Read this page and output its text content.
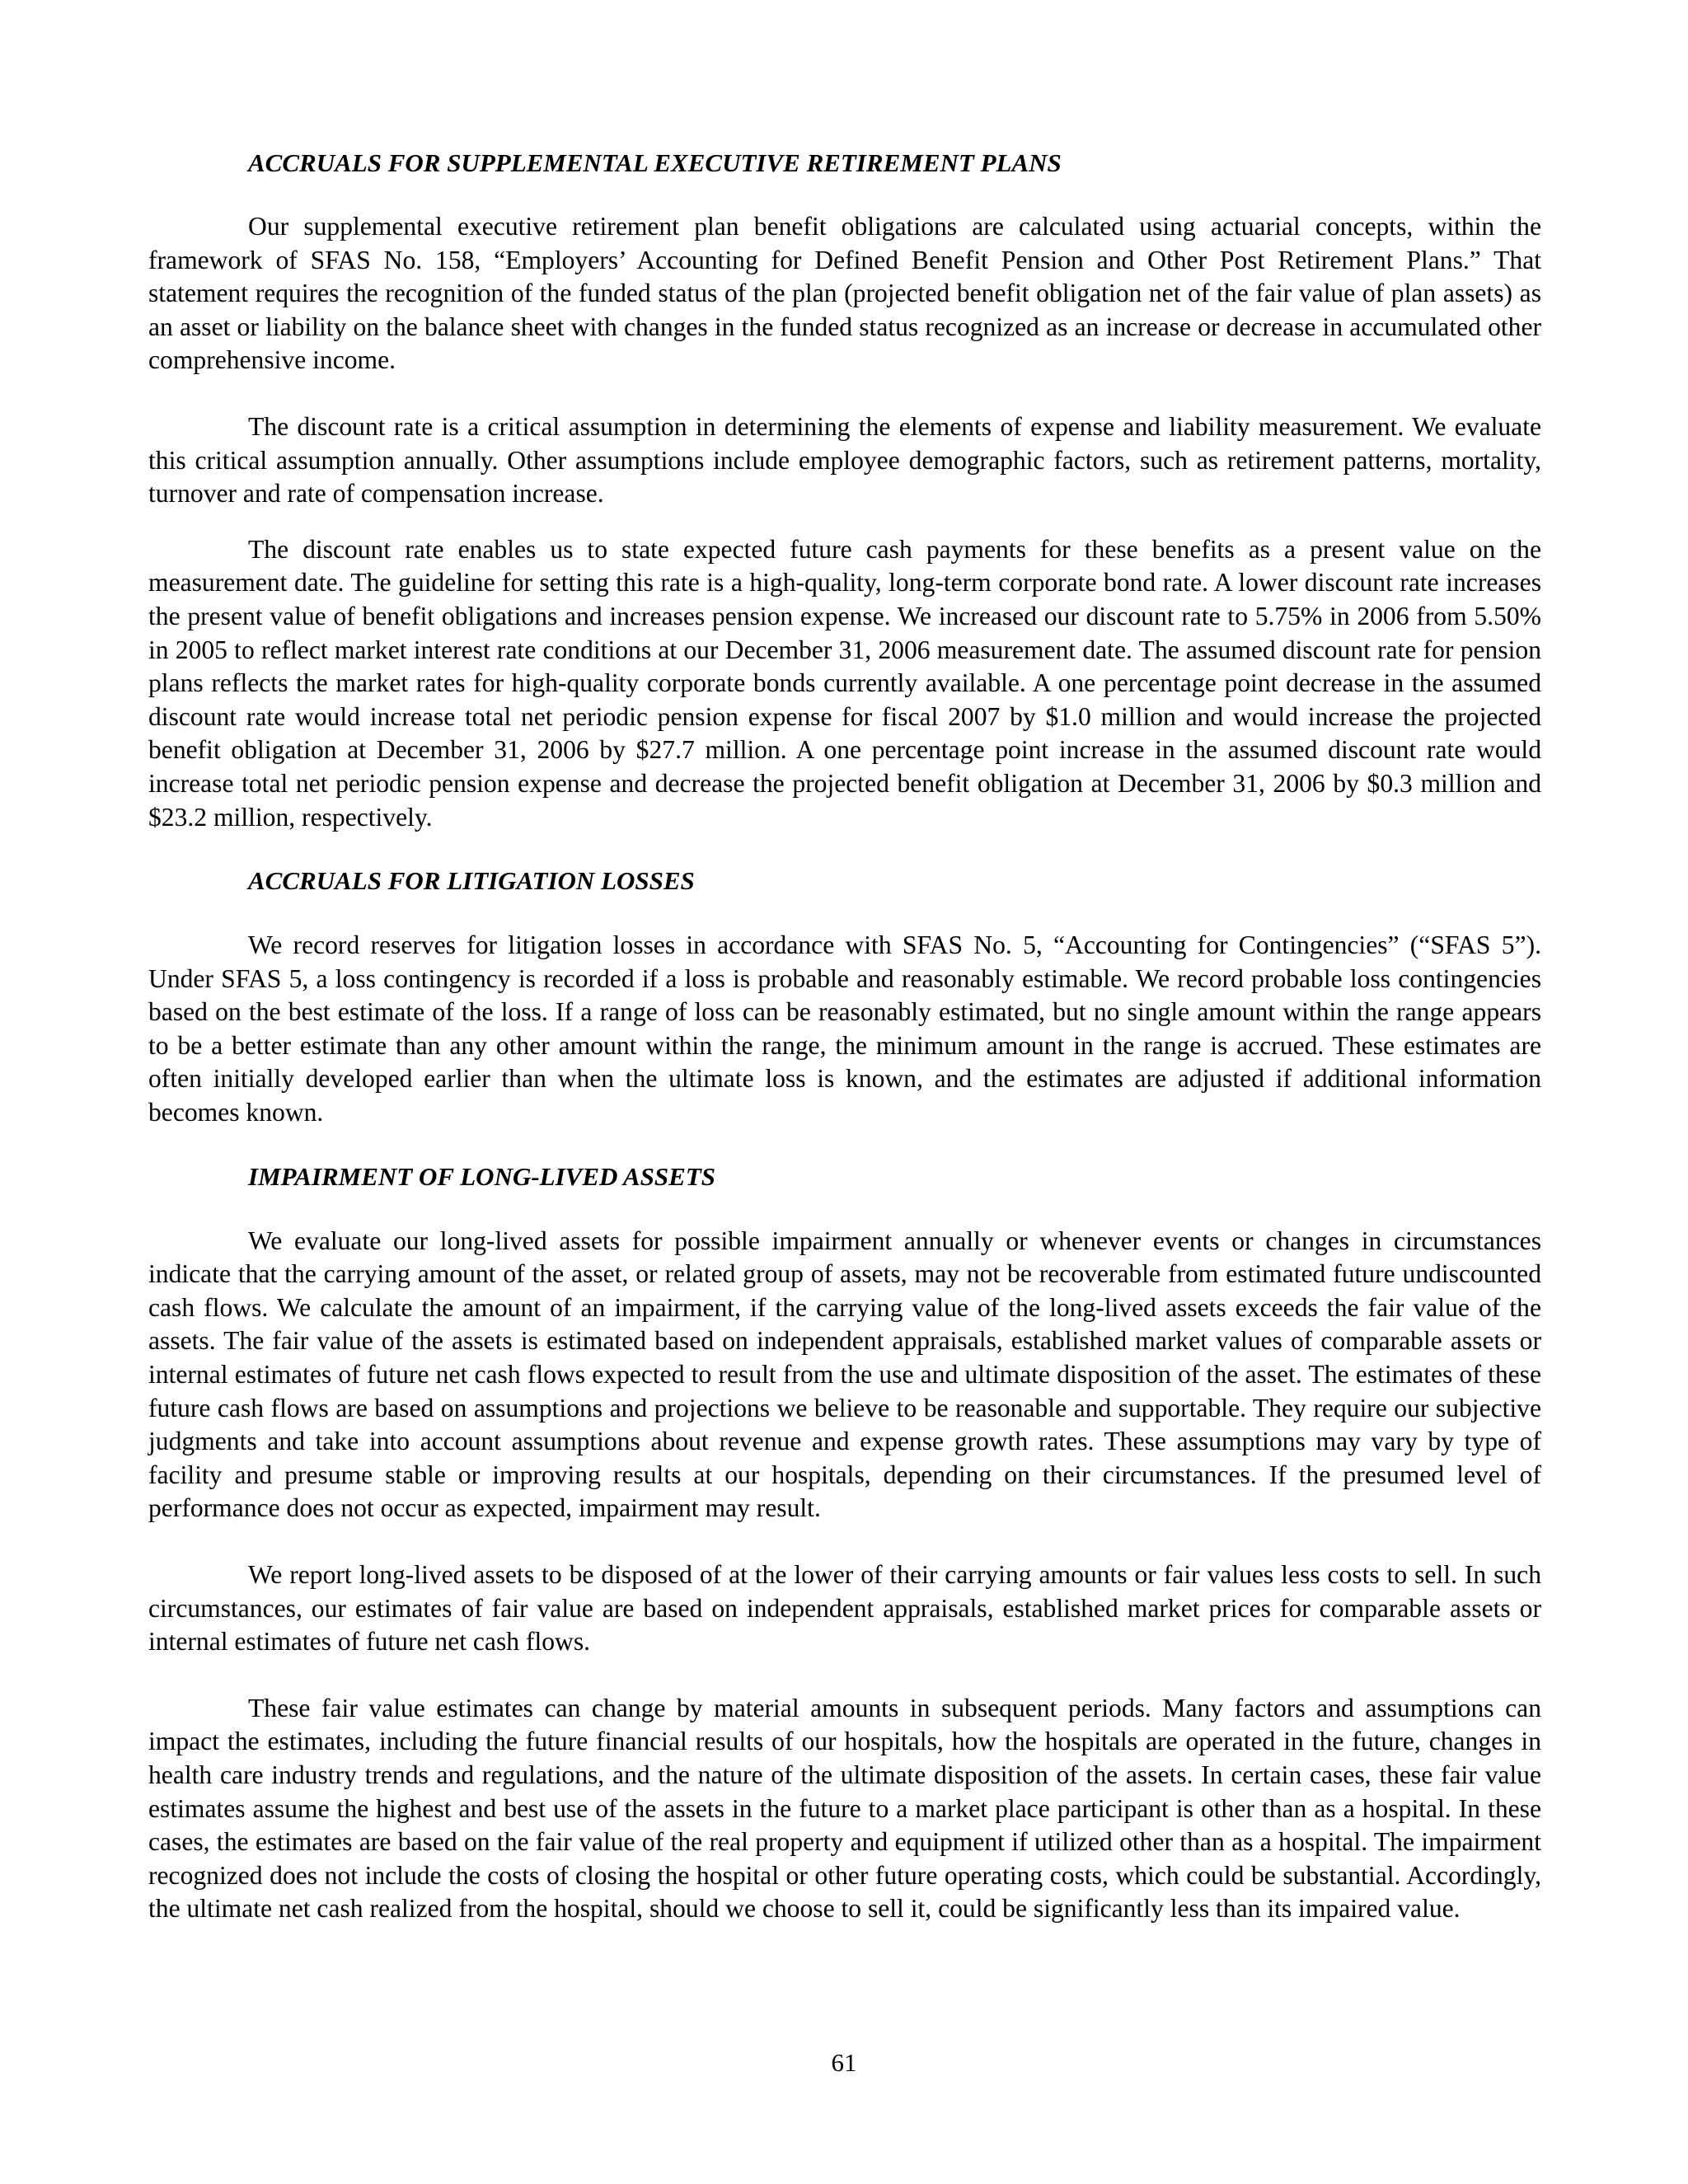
ACCRUALS FOR SUPPLEMENTAL EXECUTIVE RETIREMENT PLANS

Our supplemental executive retirement plan benefit obligations are calculated using actuarial concepts, within the framework of SFAS No. 158, “Employers’ Accounting for Defined Benefit Pension and Other Post Retirement Plans.” That statement requires the recognition of the funded status of the plan (projected benefit obligation net of the fair value of plan assets) as an asset or liability on the balance sheet with changes in the funded status recognized as an increase or decrease in accumulated other comprehensive income.

The discount rate is a critical assumption in determining the elements of expense and liability measurement. We evaluate this critical assumption annually. Other assumptions include employee demographic factors, such as retirement patterns, mortality, turnover and rate of compensation increase.

The discount rate enables us to state expected future cash payments for these benefits as a present value on the measurement date. The guideline for setting this rate is a high-quality, long-term corporate bond rate. A lower discount rate increases the present value of benefit obligations and increases pension expense. We increased our discount rate to 5.75% in 2006 from 5.50% in 2005 to reflect market interest rate conditions at our December 31, 2006 measurement date. The assumed discount rate for pension plans reflects the market rates for high-quality corporate bonds currently available. A one percentage point decrease in the assumed discount rate would increase total net periodic pension expense for fiscal 2007 by $1.0 million and would increase the projected benefit obligation at December 31, 2006 by $27.7 million. A one percentage point increase in the assumed discount rate would increase total net periodic pension expense and decrease the projected benefit obligation at December 31, 2006 by $0.3 million and $23.2 million, respectively.

ACCRUALS FOR LITIGATION LOSSES

We record reserves for litigation losses in accordance with SFAS No. 5, “Accounting for Contingencies” (“SFAS 5”). Under SFAS 5, a loss contingency is recorded if a loss is probable and reasonably estimable. We record probable loss contingencies based on the best estimate of the loss. If a range of loss can be reasonably estimated, but no single amount within the range appears to be a better estimate than any other amount within the range, the minimum amount in the range is accrued. These estimates are often initially developed earlier than when the ultimate loss is known, and the estimates are adjusted if additional information becomes known.

IMPAIRMENT OF LONG-LIVED ASSETS

We evaluate our long-lived assets for possible impairment annually or whenever events or changes in circumstances indicate that the carrying amount of the asset, or related group of assets, may not be recoverable from estimated future undiscounted cash flows. We calculate the amount of an impairment, if the carrying value of the long-lived assets exceeds the fair value of the assets. The fair value of the assets is estimated based on independent appraisals, established market values of comparable assets or internal estimates of future net cash flows expected to result from the use and ultimate disposition of the asset. The estimates of these future cash flows are based on assumptions and projections we believe to be reasonable and supportable. They require our subjective judgments and take into account assumptions about revenue and expense growth rates. These assumptions may vary by type of facility and presume stable or improving results at our hospitals, depending on their circumstances. If the presumed level of performance does not occur as expected, impairment may result.

We report long-lived assets to be disposed of at the lower of their carrying amounts or fair values less costs to sell. In such circumstances, our estimates of fair value are based on independent appraisals, established market prices for comparable assets or internal estimates of future net cash flows.

These fair value estimates can change by material amounts in subsequent periods. Many factors and assumptions can impact the estimates, including the future financial results of our hospitals, how the hospitals are operated in the future, changes in health care industry trends and regulations, and the nature of the ultimate disposition of the assets. In certain cases, these fair value estimates assume the highest and best use of the assets in the future to a market place participant is other than as a hospital. In these cases, the estimates are based on the fair value of the real property and equipment if utilized other than as a hospital. The impairment recognized does not include the costs of closing the hospital or other future operating costs, which could be substantial. Accordingly, the ultimate net cash realized from the hospital, should we choose to sell it, could be significantly less than its impaired value.

61
